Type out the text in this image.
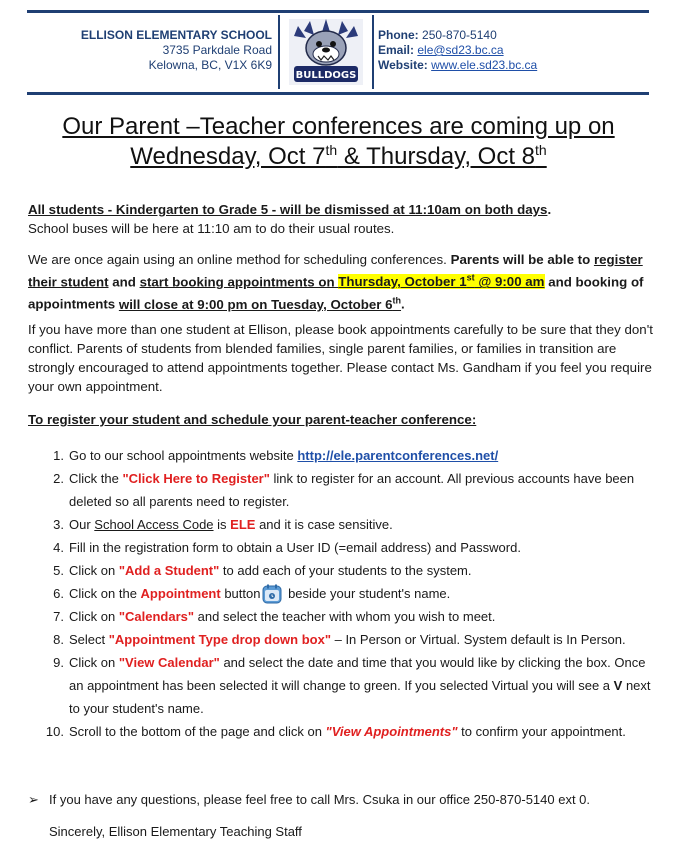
ELLISON ELEMENTARY SCHOOL
3735 Parkdale Road
Kelowna, BC, V1X 6K9
BULLDOGS
Phone: 250-870-5140
Email: ele@sd23.bc.ca
Website: www.ele.sd23.bc.ca
Our Parent –Teacher conferences are coming up on
Wednesday, Oct 7th & Thursday, Oct 8th
All students - Kindergarten to Grade 5 - will be dismissed at 11:10am on both days.
School buses will be here at 11:10 am to do their usual routes.
We are once again using an online method for scheduling conferences. Parents will be able to register their student and start booking appointments on Thursday, October 1st @ 9:00 am and booking of appointments will close at 9:00 pm on Tuesday, October 6th.
If you have more than one student at Ellison, please book appointments carefully to be sure that they don't conflict. Parents of students from blended families, single parent families, or families in transition are strongly encouraged to attend appointments together. Please contact Ms. Gandham if you feel you require your own appointment.
To register your student and schedule your parent-teacher conference:
1. Go to our school appointments website http://ele.parentconferences.net/
2. Click the "Click Here to Register" link to register for an account. All previous accounts have been deleted so all parents need to register.
3. Our School Access Code is ELE and it is case sensitive.
4. Fill in the registration form to obtain a User ID (=email address) and Password.
5. Click on "Add a Student" to add each of your students to the system.
6. Click on the Appointment button beside your student's name.
7. Click on "Calendars" and select the teacher with whom you wish to meet.
8. Select "Appointment Type drop down box" – In Person or Virtual. System default is In Person.
9. Click on "View Calendar" and select the date and time that you would like by clicking the box. Once an appointment has been selected it will change to green. If you selected Virtual you will see a V next to your student's name.
10. Scroll to the bottom of the page and click on "View Appointments" to confirm your appointment.
➢ If you have any questions, please feel free to call Mrs. Csuka in our office 250-870-5140 ext 0.
Sincerely, Ellison Elementary Teaching Staff
